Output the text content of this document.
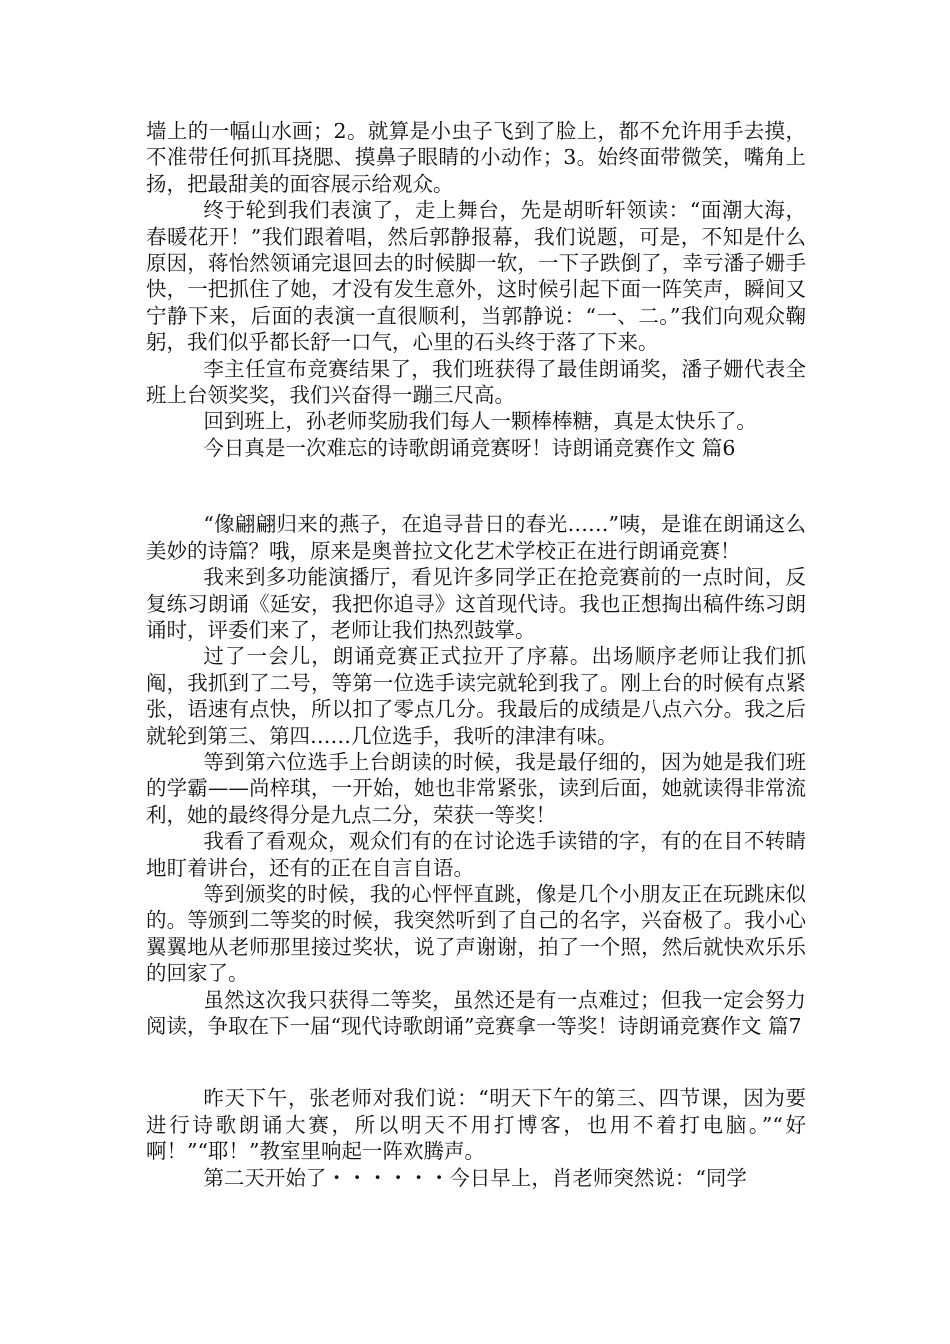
墙上的一幅山水画；2。就算是小虫子飞到了脸上，都不允许用手去摸，不准带任何抓耳挠腮、摸鼻子眼睛的小动作；3。始终面带微笑，嘴角上扬，把最甜美的面容展示给观众。

终于轮到我们表演了，走上舞台，先是胡昕轩领读：“面潮大海，春暖花开！”我们跟着唱，然后郭静报幕，我们说题，可是，不知是什么原因，蒋怡然领诵完退回去的时候脚一软，一下子跌倒了，幸亏潘子姗手快，一把抓住了她，才没有发生意外，这时候引起下面一阵笑声，瞬间又宁静下来，后面的表演一直很顺利，当郭静说：“一、二。”我们向观众鞠躬，我们似乎都长舒一口气，心里的石头终于落了下来。

李主任宣布竞赛结果了，我们班获得了最佳朗诵奖，潘子姗代表全班上台领奖奖，我们兴奋得一蹦三尺高。

回到班上，孙老师奖励我们每人一颗棒棒糖，真是太快乐了。

今日真是一次难忘的诗歌朗诵竞赛呀！诗朗诵竞赛作文 篇6

“像翩翩归来的燕子，在追寻昔日的春光……”咦，是谁在朗诵这么美妙的诗篇？哦，原来是奥普拉文化艺术学校正在进行朗诵竞赛！

我来到多功能演播厅，看见许多同学正在抢竞赛前的一点时间，反复练习朗诵《延安，我把你追寻》这首现代诗。我也正想掏出稿件练习朗诵时，评委们来了，老师让我们热烈鼓掌。

过了一会儿，朗诵竞赛正式拉开了序幕。出场顺序老师让我们抓阄，我抓到了二号，等第一位选手读完就轮到我了。刚上台的时候有点紧张，语速有点快，所以扣了零点几分。我最后的成绩是八点六分。我之后就轮到第三、第四……几位选手，我听的津津有味。

等到第六位选手上台朗读的时候，我是最仔细的，因为她是我们班的学霸——尚梓琪，一开始，她也非常紧张，读到后面，她就读得非常流利，她的最终得分是九点二分，荣获一等奖！

我看了看观众，观众们有的在讨论选手读错的字，有的在目不转睛地盯着讲台，还有的正在自言自语。

等到颁奖的时候，我的心怦怦直跳，像是几个小朋友正在玩跳床似的。等颁到二等奖的时候，我突然听到了自己的名字，兴奋极了。我小心翼翼地从老师那里接过奖状，说了声谢谢，拍了一个照，然后就快欢乐乐的回家了。

虽然这次我只获得二等奖，虽然还是有一点难过；但我一定会努力阅读，争取在下一届“现代诗歌朗诵”竞赛拿一等奖！诗朗诵竞赛作文 篇7

昨天下午，张老师对我们说：“明天下午的第三、四节课，因为要进行诗歌朗诵大赛，所以明天不用打博客，也用不着打电脑。”“好啊！”“耶！”教室里响起一阵欢腾声。

第二天开始了・・・・・・今日早上，肖老师突然说：“同学
